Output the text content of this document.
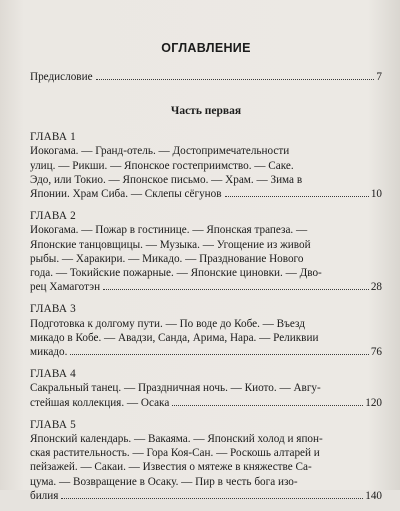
ОГЛАВЛЕНИЕ
Предисловие	7
Часть первая
ГЛАВА 1
Иокогама. — Гранд-отель. — Достопримечательности
улиц. — Рикши. — Японское гостеприимство. — Саке.
Эдо, или Токио. — Японское письмо. — Храм. — Зима в
Японии. Храм Сиба. — Склепы сёгунов	10
ГЛАВА 2
Иокогама. — Пожар в гостинице. — Японская трапеза. —
Японские танцовщицы. — Музыка. — Угощение из живой
рыбы. — Харакири. — Микадо. — Празднование Нового
года. — Токийские пожарные. — Японские циновки. — Дво-
рец Хамаготэн	28
ГЛАВА 3
Подготовка к долгому пути. — По воде до Кобе. — Въезд
микадо в Кобе. — Авадзи, Санда, Арима, Нара. — Реликвии
микадо.	76
ГЛАВА 4
Сакральный танец. — Праздничная ночь. — Киото. — Авгу-
стейшая коллекция. — Осака	120
ГЛАВА 5
Японский календарь. — Вакаяма. — Японский холод и япон-
ская растительность. — Гора Коя-Сан. — Роскошь алтарей и
пейзажей. — Сакаи. — Известия о мятеже в княжестве Са-
цума. — Возвращение в Осаку. — Пир в честь бога изо-
билия	140
